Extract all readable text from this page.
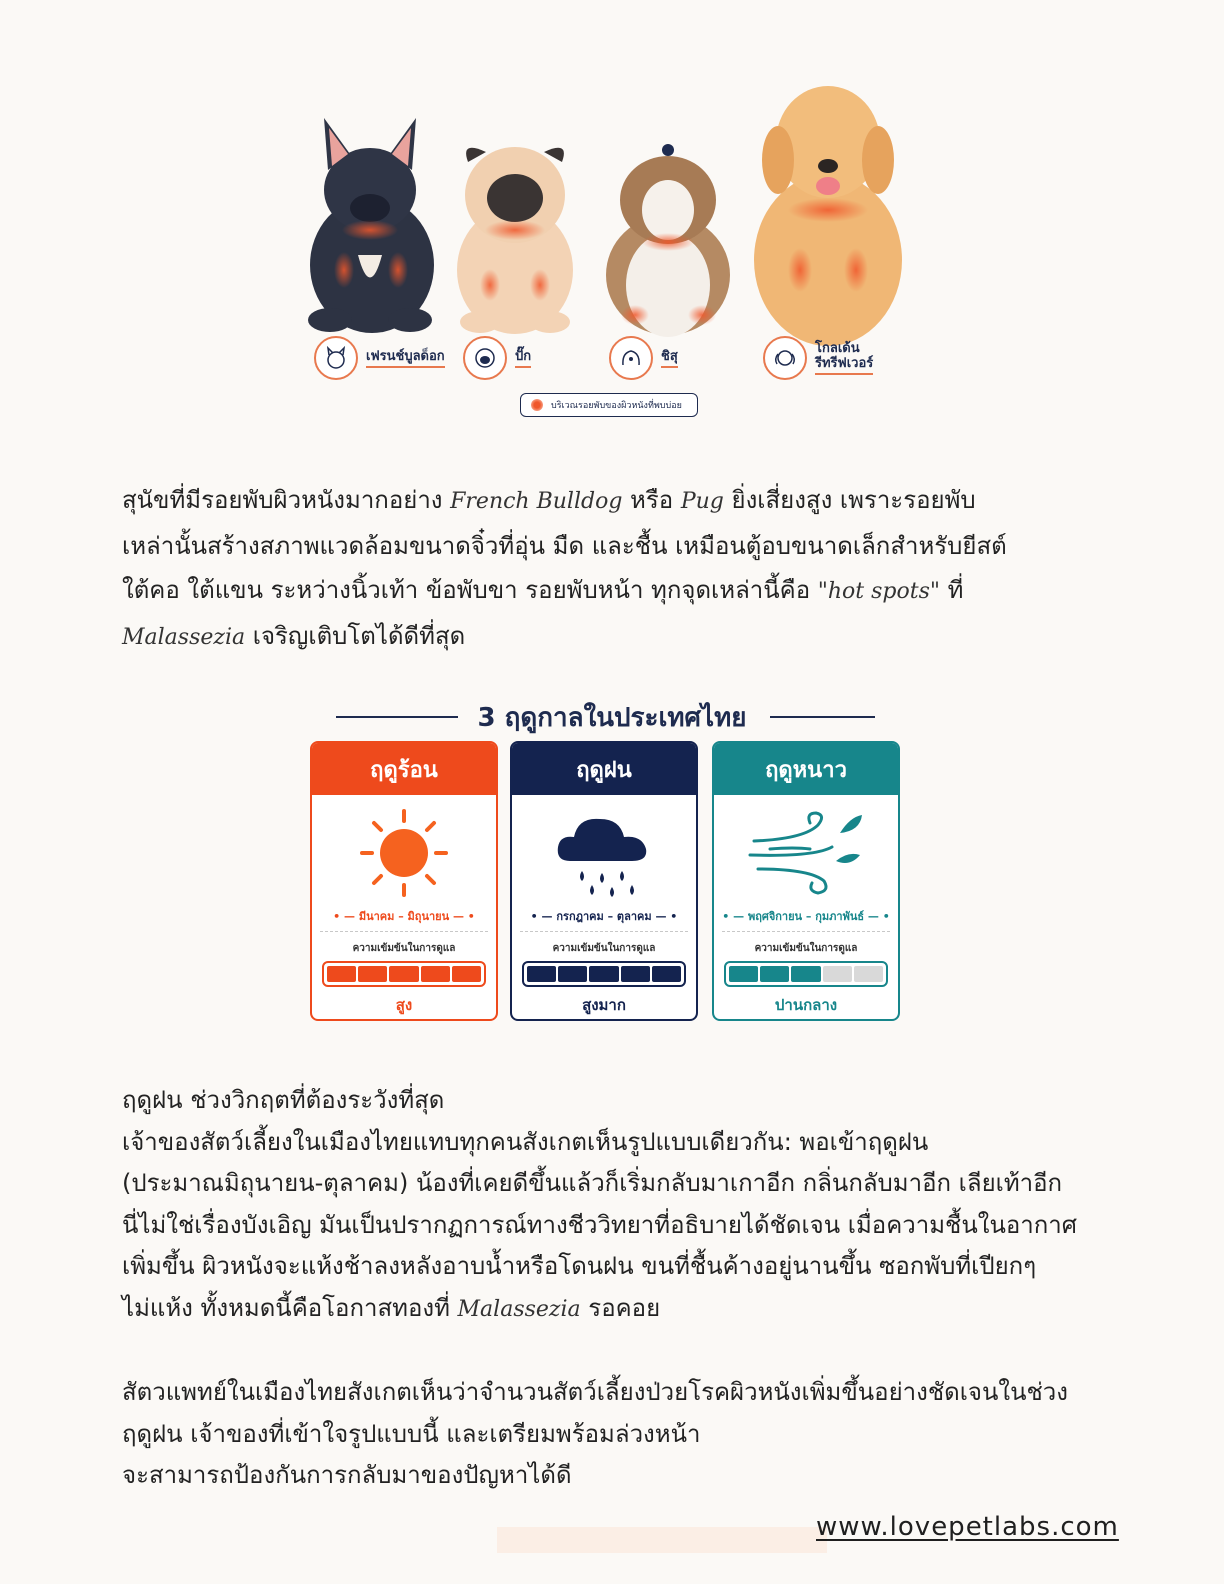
เฟรนช์บูลด็อก	ปั๊ก	ชิสุ	โกลเด้น
รีทรีฟเวอร์
บริเวณรอยพับของผิวหนังที่พบบ่อย
สุนัขที่มีรอยพับผิวหนังมากอย่าง French Bulldog หรือ Pug ยิ่งเสี่ยงสูง เพราะรอยพับ
เหล่านั้นสร้างสภาพแวดล้อมขนาดจิ๋วที่อุ่น มืด และชื้น เหมือนตู้อบขนาดเล็กสำหรับยีสต์
ใต้คอ ใต้แขน ระหว่างนิ้วเท้า ข้อพับขา รอยพับหน้า ทุกจุดเหล่านี้คือ "hot spots" ที่
Malassezia เจริญเติบโตได้ดีที่สุด
3 ฤดูกาลในประเทศไทย
ฤดูร้อน
• — มีนาคม – มิถุนายน — •
ความเข้มข้นในการดูแล
สูง
ฤดูฝน
• — กรกฎาคม – ตุลาคม — •
ความเข้มข้นในการดูแล
สูงมาก
ฤดูหนาว
• — พฤศจิกายน – กุมภาพันธ์ — •
ความเข้มข้นในการดูแล
ปานกลาง
ฤดูฝน ช่วงวิกฤตที่ต้องระวังที่สุด
เจ้าของสัตว์เลี้ยงในเมืองไทยแทบทุกคนสังเกตเห็นรูปแบบเดียวกัน: พอเข้าฤดูฝน
(ประมาณมิถุนายน-ตุลาคม) น้องที่เคยดีขึ้นแล้วก็เริ่มกลับมาเกาอีก กลิ่นกลับมาอีก เลียเท้าอีก
นี่ไม่ใช่เรื่องบังเอิญ มันเป็นปรากฏการณ์ทางชีววิทยาที่อธิบายได้ชัดเจน เมื่อความชื้นในอากาศ
เพิ่มขึ้น ผิวหนังจะแห้งช้าลงหลังอาบน้ำหรือโดนฝน ขนที่ชื้นค้างอยู่นานขึ้น ซอกพับที่เปียกๆ
ไม่แห้ง ทั้งหมดนี้คือโอกาสทองที่ Malassezia รอคอย
สัตวแพทย์ในเมืองไทยสังเกตเห็นว่าจำนวนสัตว์เลี้ยงป่วยโรคผิวหนังเพิ่มขึ้นอย่างชัดเจนในช่วง
ฤดูฝน เจ้าของที่เข้าใจรูปแบบนี้ และเตรียมพร้อมล่วงหน้า
จะสามารถป้องกันการกลับมาของปัญหาได้ดี
www.lovepetlabs.com
